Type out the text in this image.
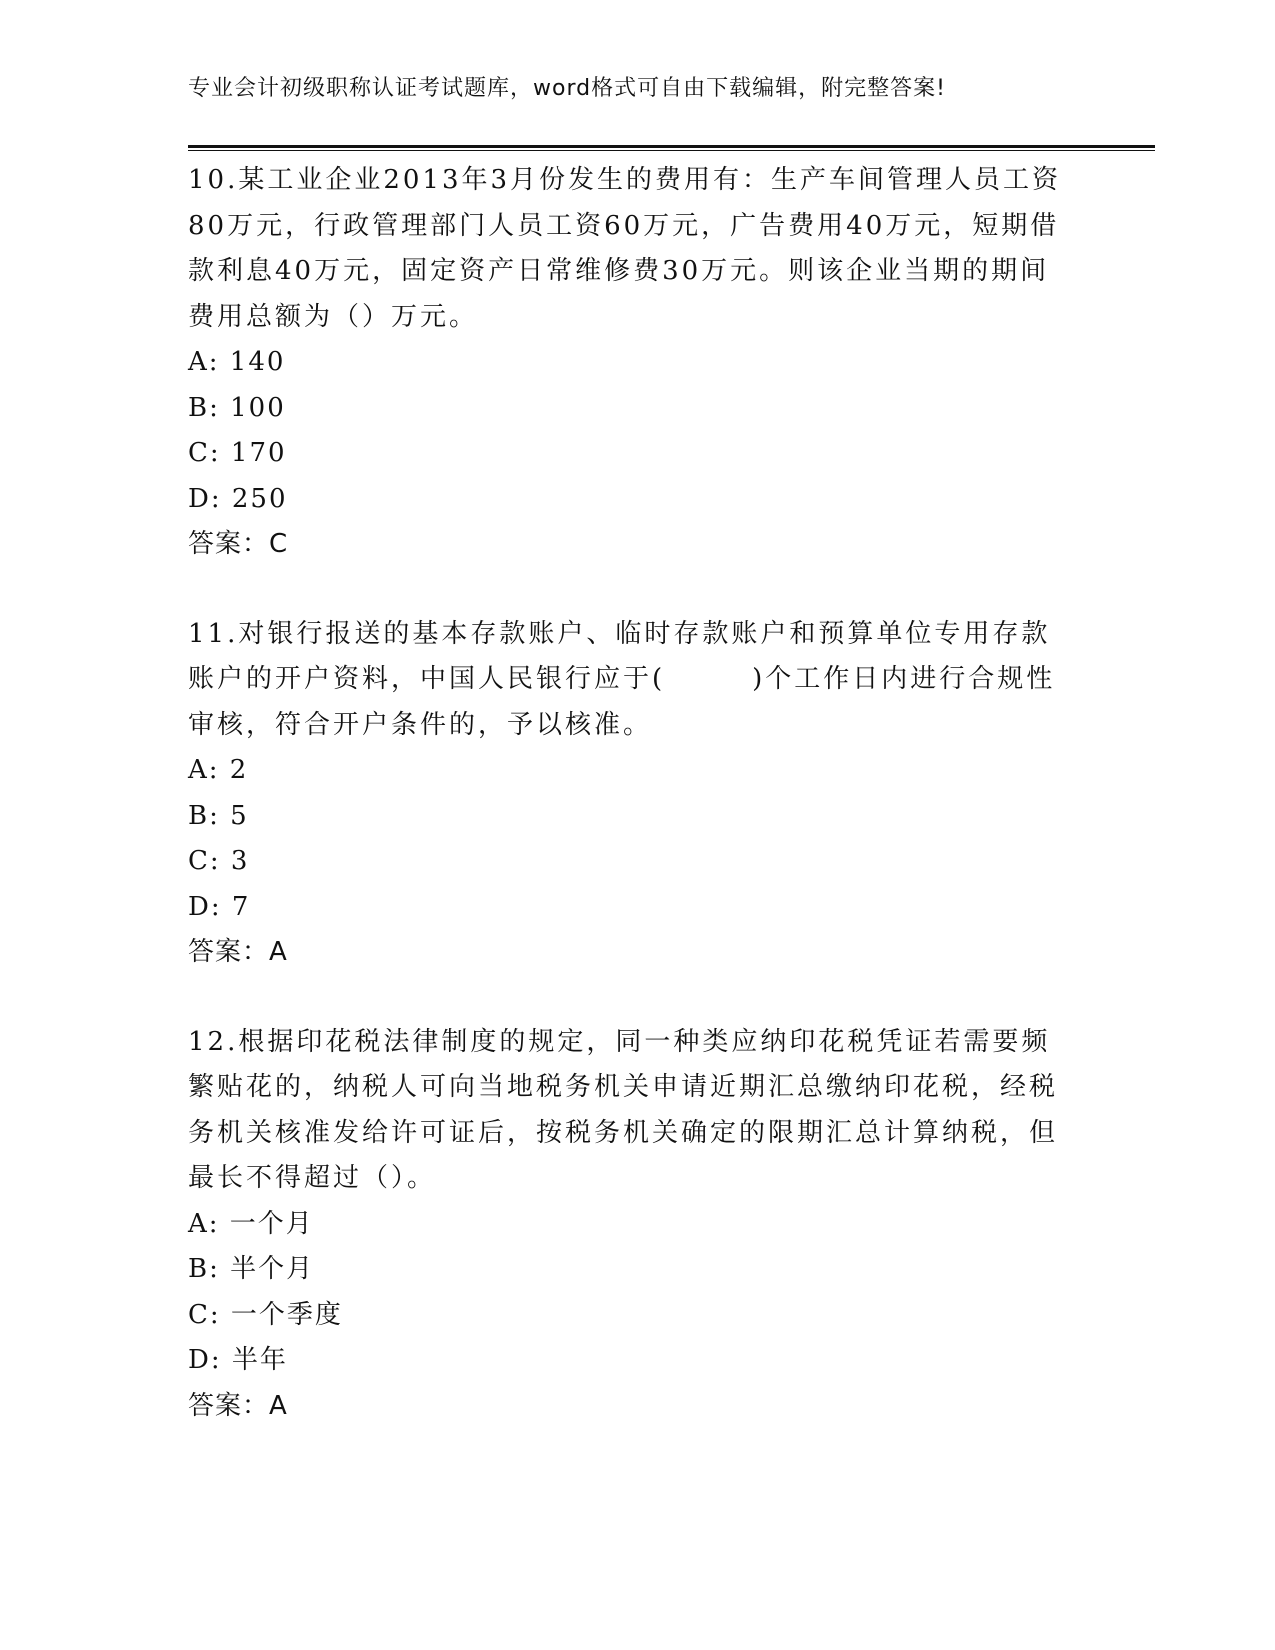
专业会计初级职称认证考试题库，word格式可自由下载编辑，附完整答案!
10.某工业企业2013年3月份发生的费用有：生产车间管理人员工资80万元，行政管理部门人员工资60万元，广告费用40万元，短期借款利息40万元，固定资产日常维修费30万元。则该企业当期的期间费用总额为（）万元。
A: 140
B: 100
C: 170
D: 250
答案：C
11.对银行报送的基本存款账户、临时存款账户和预算单位专用存款账户的开户资料，中国人民银行应于(　　　)个工作日内进行合规性审核，符合开户条件的，予以核准。
A: 2
B: 5
C: 3
D: 7
答案：A
12.根据印花税法律制度的规定，同一种类应纳印花税凭证若需要频繁贴花的，纳税人可向当地税务机关申请近期汇总缴纳印花税，经税务机关核准发给许可证后，按税务机关确定的限期汇总计算纳税，但最长不得超过（）。
A: 一个月
B: 半个月
C: 一个季度
D: 半年
答案：A
